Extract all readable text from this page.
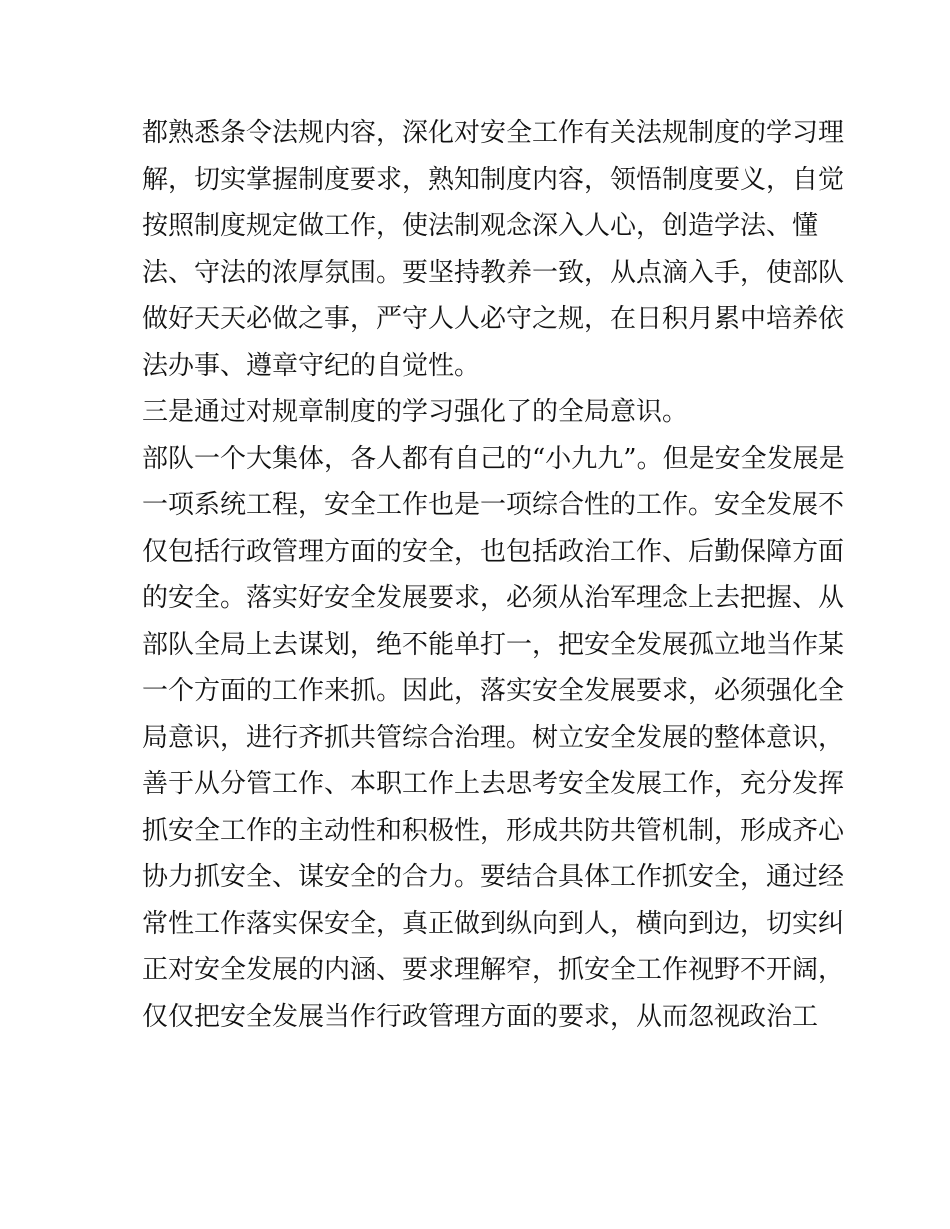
都熟悉条令法规内容，深化对安全工作有关法规制度的学习理
解，切实掌握制度要求，熟知制度内容，领悟制度要义，自觉
按照制度规定做工作，使法制观念深入人心，创造学法、懂
法、守法的浓厚氛围。要坚持教养一致，从点滴入手，使部队
做好天天必做之事，严守人人必守之规，在日积月累中培养依
法办事、遵章守纪的自觉性。
三是通过对规章制度的学习强化了的全局意识。
部队一个大集体，各人都有自己的“小九九”。但是安全发展是
一项系统工程，安全工作也是一项综合性的工作。安全发展不
仅包括行政管理方面的安全，也包括政治工作、后勤保障方面
的安全。落实好安全发展要求，必须从治军理念上去把握、从
部队全局上去谋划，绝不能单打一，把安全发展孤立地当作某
一个方面的工作来抓。因此，落实安全发展要求，必须强化全
局意识，进行齐抓共管综合治理。树立安全发展的整体意识，
善于从分管工作、本职工作上去思考安全发展工作，充分发挥
抓安全工作的主动性和积极性，形成共防共管机制，形成齐心
协力抓安全、谋安全的合力。要结合具体工作抓安全，通过经
常性工作落实保安全，真正做到纵向到人，横向到边，切实纠
正对安全发展的内涵、要求理解窄，抓安全工作视野不开阔，
仅仅把安全发展当作行政管理方面的要求，从而忽视政治工
